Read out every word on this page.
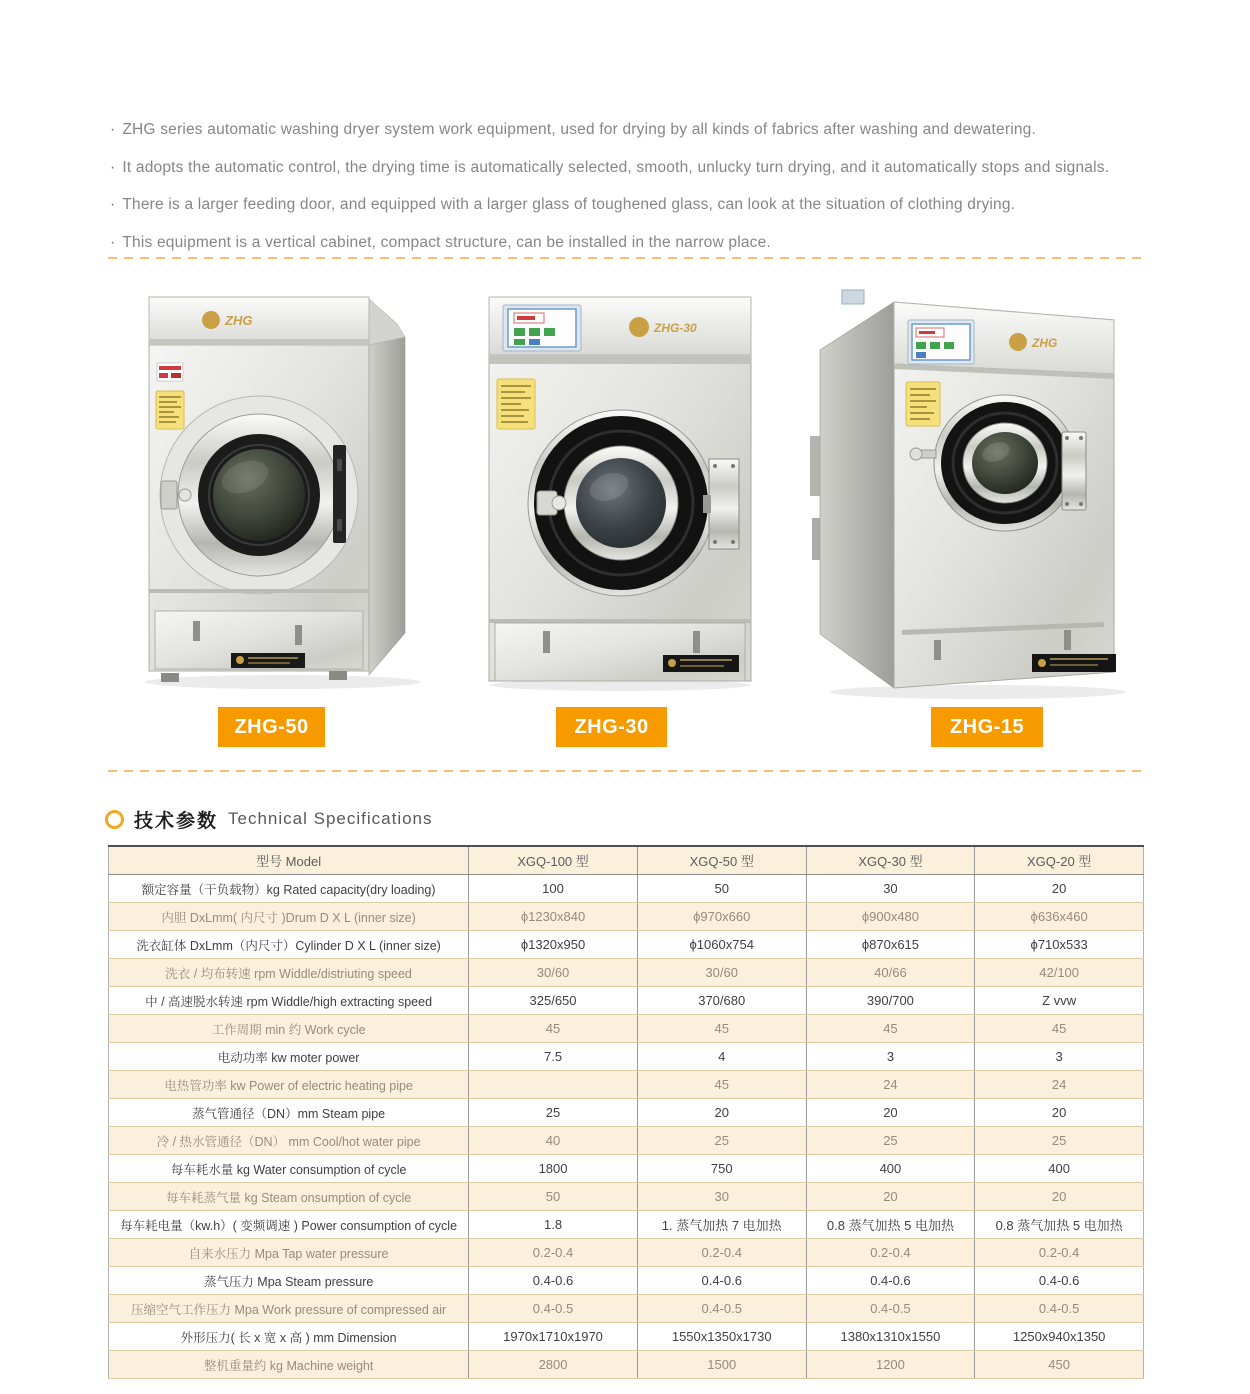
· ZHG series automatic washing dryer system work equipment, used for drying by all kinds of fabrics after washing and dewatering.

· It adopts the automatic control, the drying time is automatically selected, smooth, unlucky turn drying, and it automatically stops and signals.

· There is a larger feeding door, and equipped with a larger glass of toughened glass, can look at the situation of clothing drying.

· This equipment is a vertical cabinet, compact structure, can be installed in the narrow place.

ZHG	ZHG-30
ZHG
ZHG-50	ZHG-30	ZHG-15
技术参数 Technical Specifications
型号 Model	XGQ-100 型	XGQ-50 型	XGQ-30 型	XGQ-20 型
额定容量（干负载物）kg Rated capacity(dry loading)	100	50	30	20
内胆 DxLmm( 内尺寸 )Drum D X L (inner size)	ϕ1230x840	ϕ970x660	ϕ900x480	ϕ636x460
洗衣缸体 DxLmm（内尺寸）Cylinder D X L (inner size)	ϕ1320x950	ϕ1060x754	ϕ870x615	ϕ710x533
洗衣 / 均布转速 rpm Widdle/distriuting speed	30/60	30/60	40/66	42/100
中 / 高速脱水转速 rpm Widdle/high extracting speed	325/650	370/680	390/700	Z vvw
工作周期 min 约 Work cycle	45	45	45	45
电动功率 kw moter power	7.5	4	3	3
电热管功率 kw Power of electric heating pipe		45	24	24
蒸气管通径（DN）mm Steam pipe	25	20	20	20
冷 / 热水管通径（DN） mm Cool/hot water pipe	40	25	25	25
每车耗水量 kg Water consumption of cycle	1800	750	400	400
每车耗蒸气量 kg Steam onsumption of cycle	50	30	20	20
每车耗电量（kw.h）( 变频调速 ) Power consumption of cycle	1.8	1. 蒸气加热 7 电加热	0.8 蒸气加热 5 电加热	0.8 蒸气加热 5 电加热
自来水压力 Mpa Tap water pressure	0.2-0.4	0.2-0.4	0.2-0.4	0.2-0.4
蒸气压力 Mpa Steam pressure	0.4-0.6	0.4-0.6	0.4-0.6	0.4-0.6
压缩空气工作压力 Mpa Work pressure of compressed air	0.4-0.5	0.4-0.5	0.4-0.5	0.4-0.5
外形压力( 长 x 宽 x 高 ) mm Dimension	1970x1710x1970	1550x1350x1730	1380x1310x1550	1250x940x1350
整机重量约 kg Machine weight	2800	1500	1200	450
